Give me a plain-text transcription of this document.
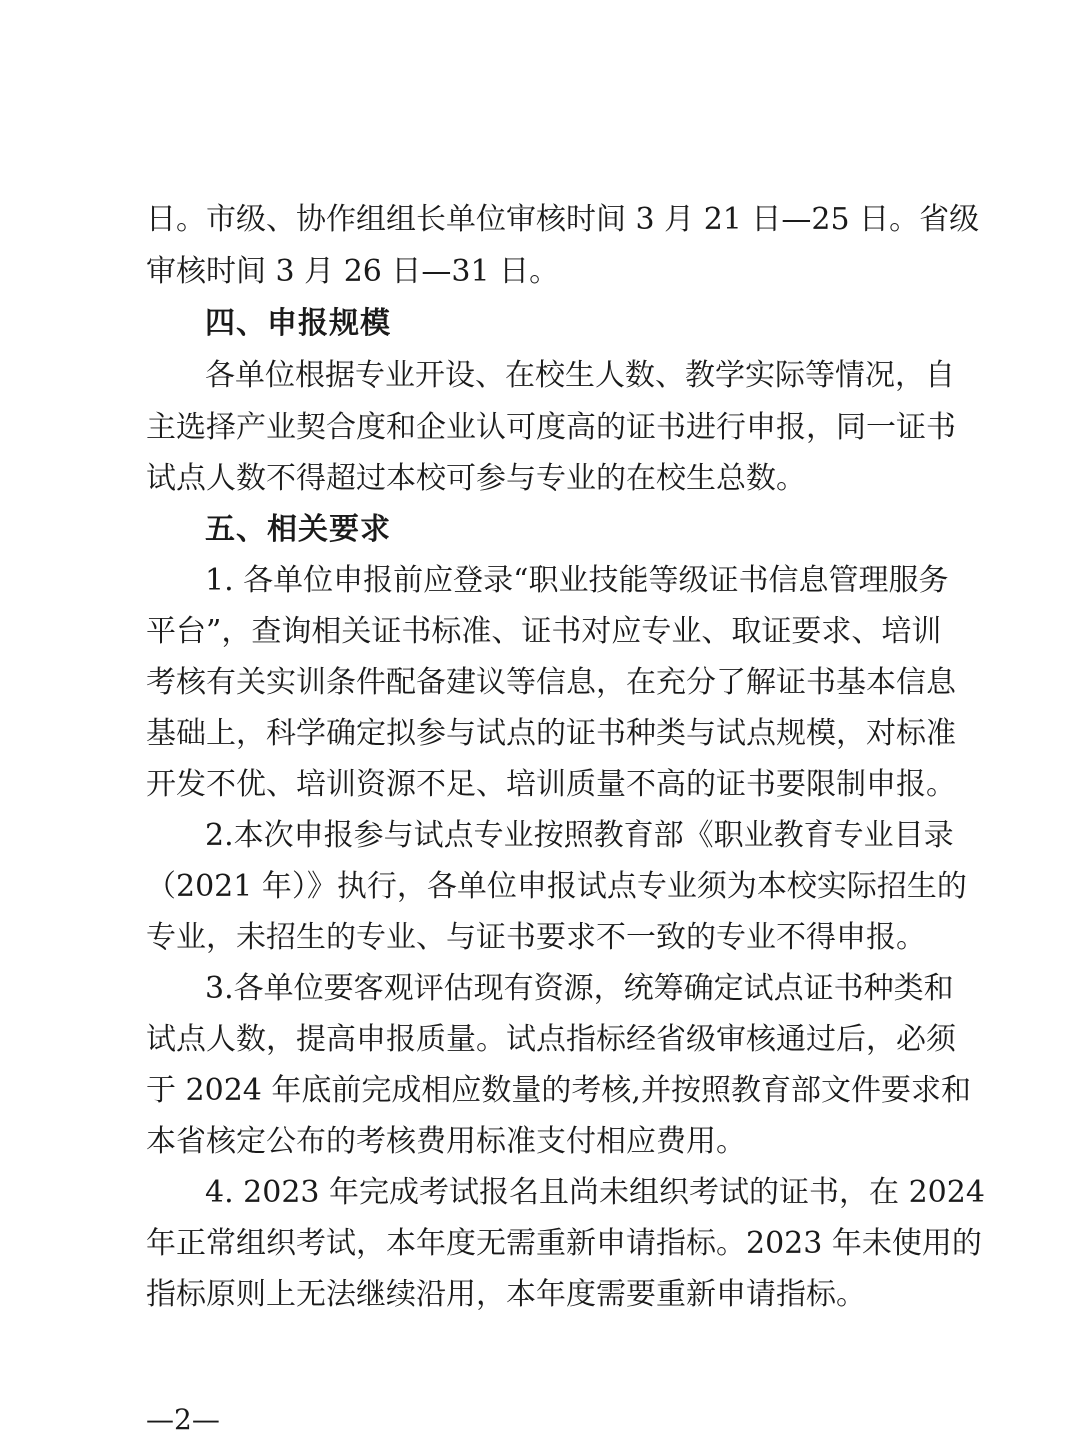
日。市级、协作组组长单位审核时间 3 月 21 日—25 日。省级
审核时间 3 月 26 日—31 日。
四、申报规模
各单位根据专业开设、在校生人数、教学实际等情况，自
主选择产业契合度和企业认可度高的证书进行申报，同一证书
试点人数不得超过本校可参与专业的在校生总数。
五、相关要求
1. 各单位申报前应登录“职业技能等级证书信息管理服务
平台”，查询相关证书标准、证书对应专业、取证要求、培训
考核有关实训条件配备建议等信息，在充分了解证书基本信息
基础上，科学确定拟参与试点的证书种类与试点规模，对标准
开发不优、培训资源不足、培训质量不高的证书要限制申报。
2.本次申报参与试点专业按照教育部《职业教育专业目录
（2021 年）》执行，各单位申报试点专业须为本校实际招生的
专业，未招生的专业、与证书要求不一致的专业不得申报。
3.各单位要客观评估现有资源，统筹确定试点证书种类和
试点人数，提高申报质量。试点指标经省级审核通过后，必须
于 2024 年底前完成相应数量的考核,并按照教育部文件要求和
本省核定公布的考核费用标准支付相应费用。
4. 2023 年完成考试报名且尚未组织考试的证书，在 2024
年正常组织考试，本年度无需重新申请指标。2023 年未使用的
指标原则上无法继续沿用，本年度需要重新申请指标。
—2—
